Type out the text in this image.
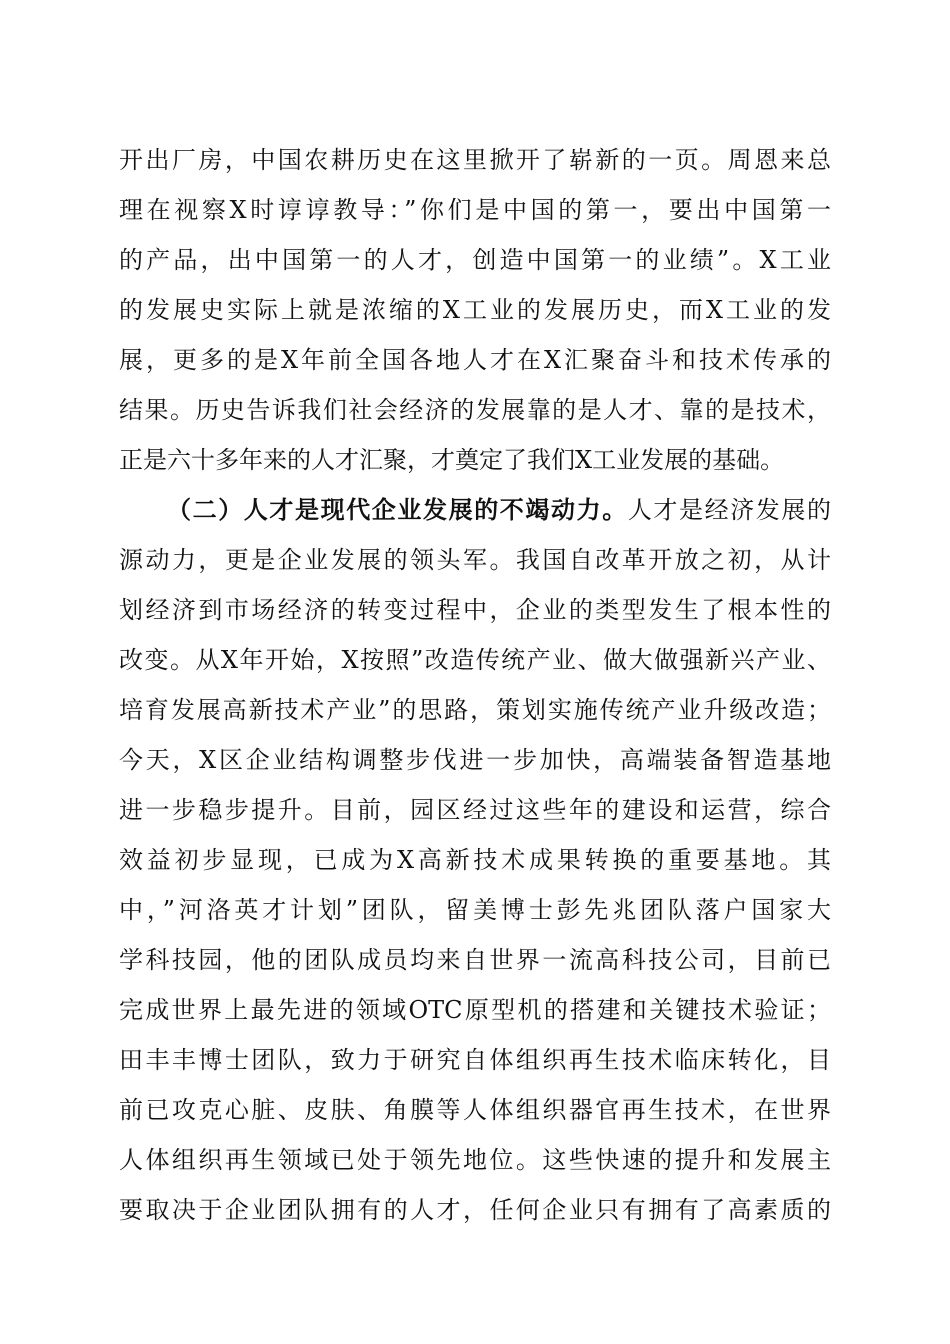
开出厂房，中国农耕历史在这里掀开了崭新的一页。周恩来总
理在视察X时谆谆教导：”你们是中国的第一，要出中国第一
的产品，出中国第一的人才，创造中国第一的业绩”。X工业
的发展史实际上就是浓缩的X工业的发展历史，而X工业的发
展，更多的是X年前全国各地人才在X汇聚奋斗和技术传承的
结果。历史告诉我们社会经济的发展靠的是人才、靠的是技术，
正是六十多年来的人才汇聚，才奠定了我们X工业发展的基础。
（二）人才是现代企业发展的不竭动力。人才是经济发展的
源动力，更是企业发展的领头军。我国自改革开放之初，从计
划经济到市场经济的转变过程中，企业的类型发生了根本性的
改变。从X年开始，X按照”改造传统产业、做大做强新兴产业、
培育发展高新技术产业”的思路，策划实施传统产业升级改造；
今天，X区企业结构调整步伐进一步加快，高端装备智造基地
进一步稳步提升。目前，园区经过这些年的建设和运营，综合
效益初步显现，已成为X高新技术成果转换的重要基地。其
中，”河洛英才计划”团队，留美博士彭先兆团队落户国家大
学科技园，他的团队成员均来自世界一流高科技公司，目前已
完成世界上最先进的领域OTC原型机的搭建和关键技术验证；
田丰丰博士团队，致力于研究自体组织再生技术临床转化，目
前已攻克心脏、皮肤、角膜等人体组织器官再生技术，在世界
人体组织再生领域已处于领先地位。这些快速的提升和发展主
要取决于企业团队拥有的人才，任何企业只有拥有了高素质的
